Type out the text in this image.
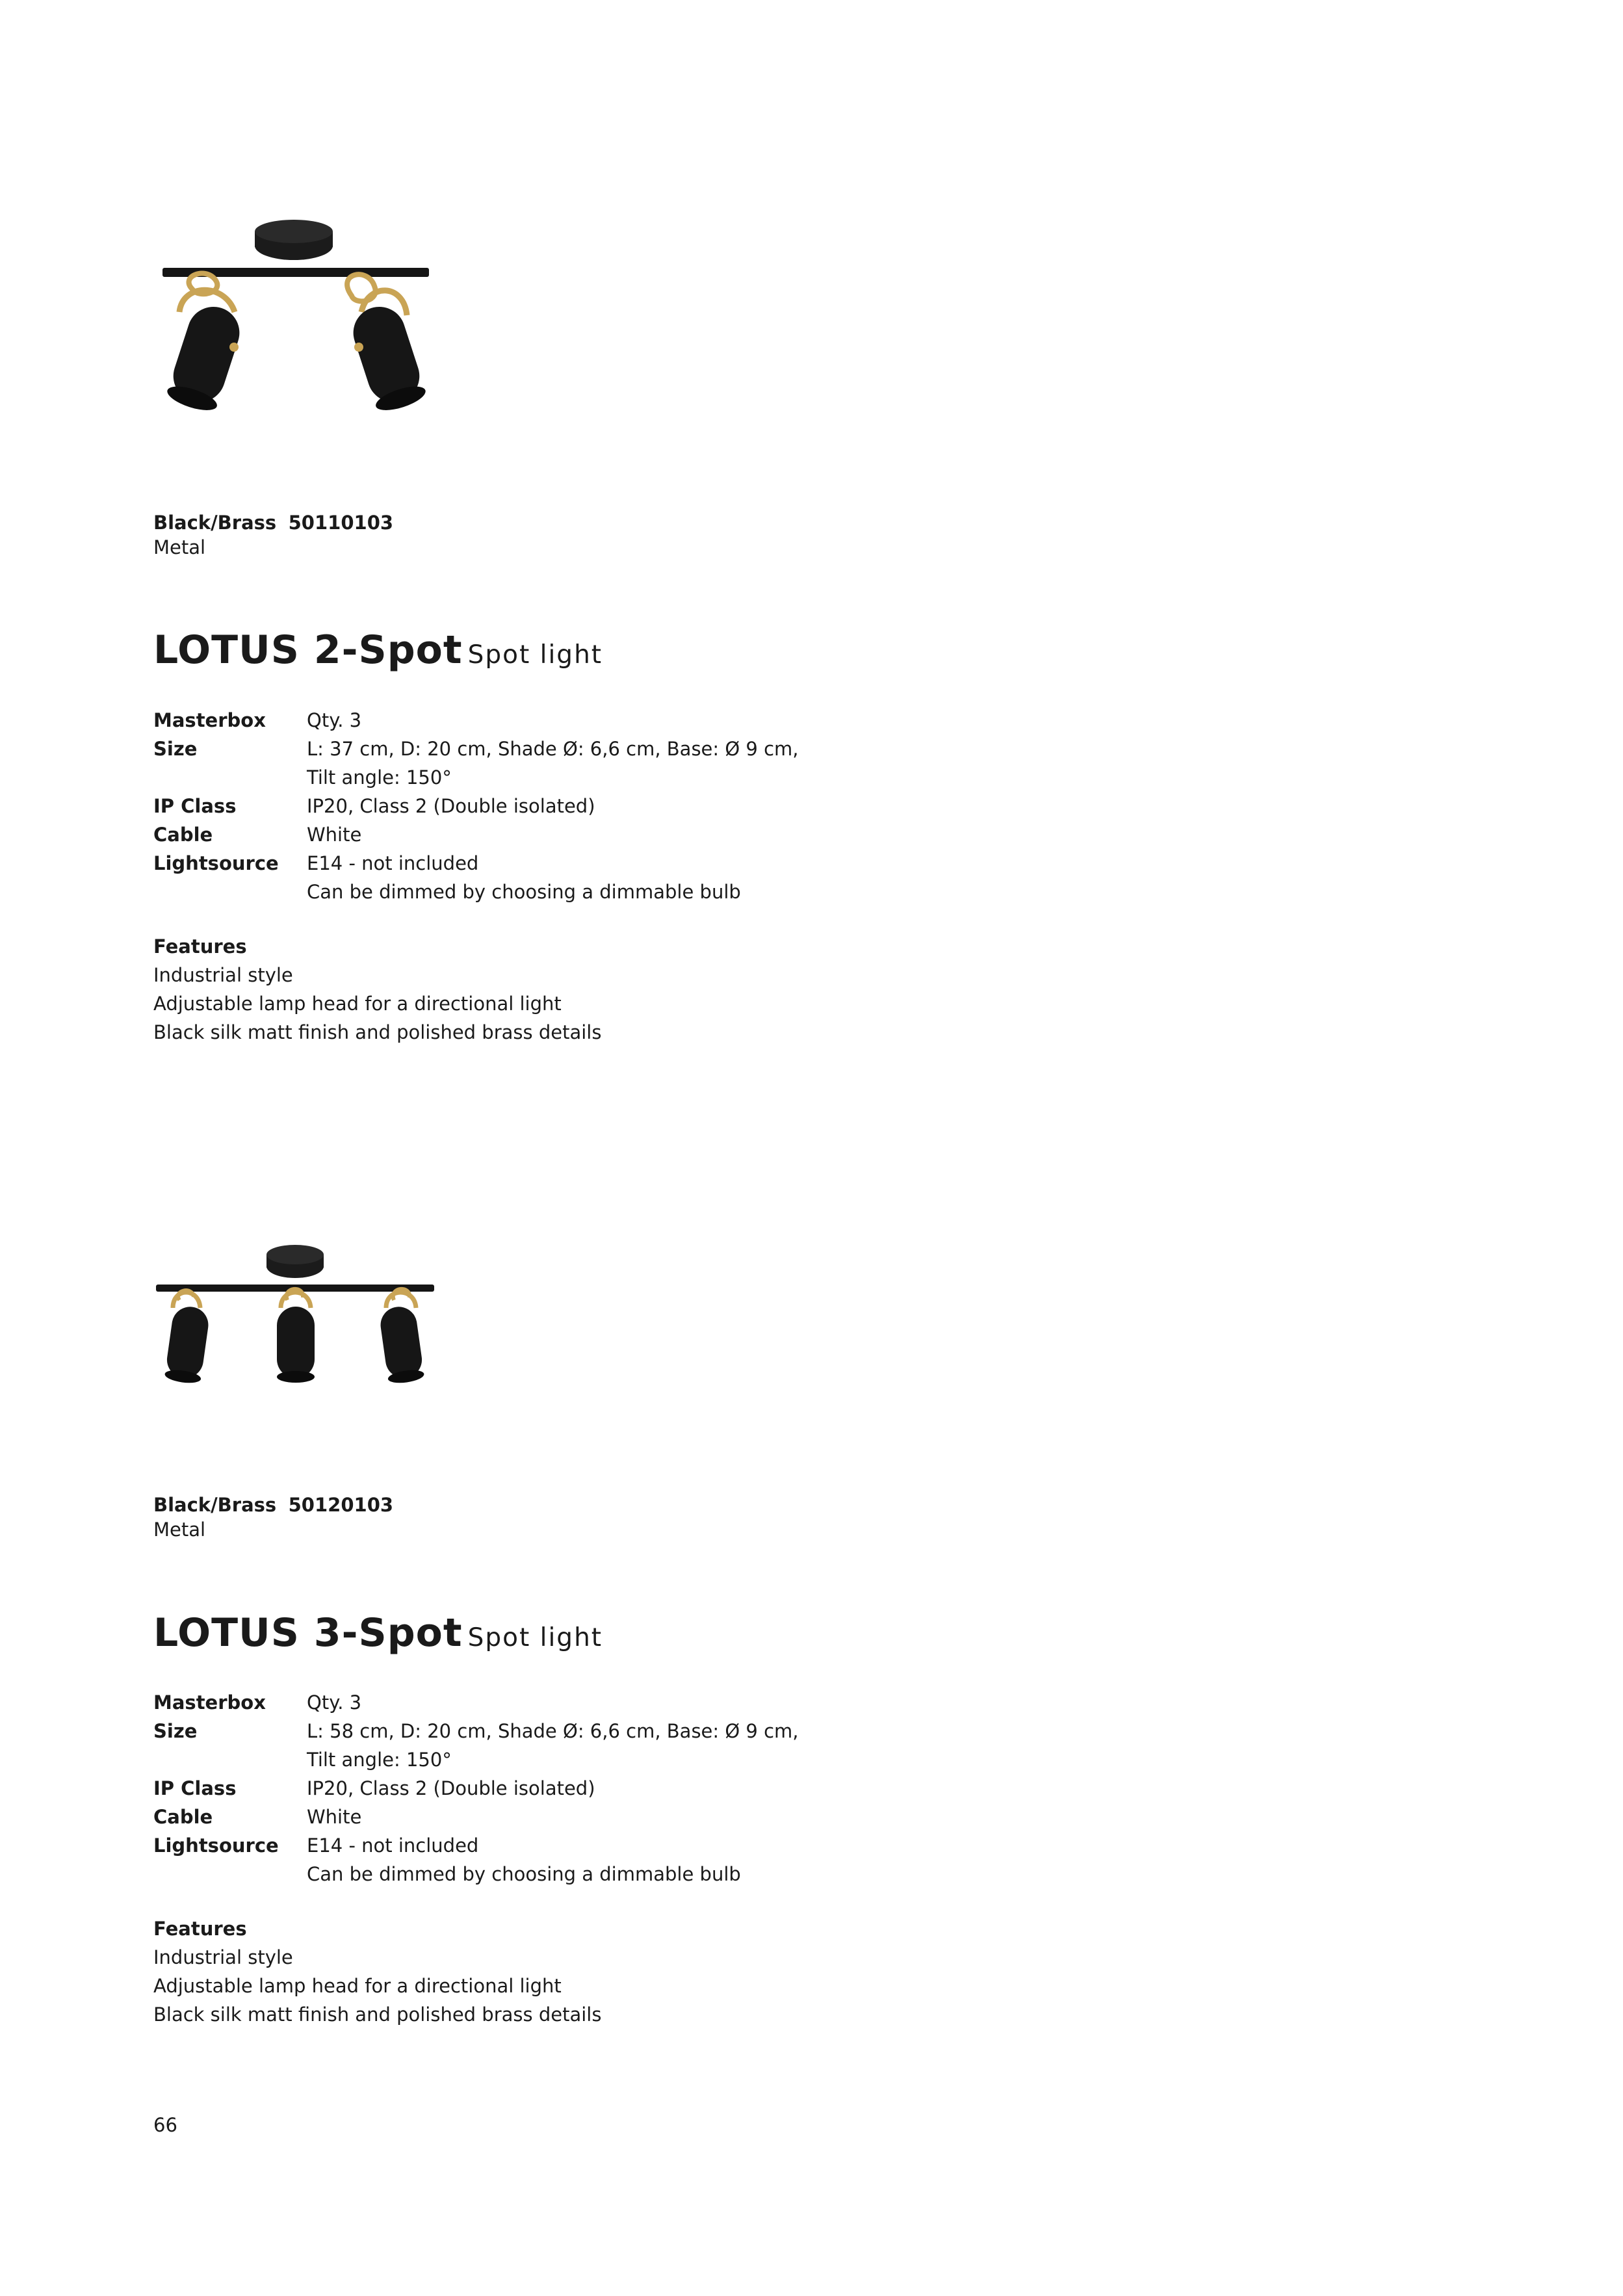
Black/Brass 50110103
Metal
LOTUS 2-Spot Spot light
Masterbox	Qty. 3
Size	L: 37 cm, D: 20 cm, Shade Ø: 6,6 cm, Base: Ø 9 cm,
Tilt angle: 150°
IP Class	IP20, Class 2 (Double isolated)
Cable	White
Lightsource	E14 - not included
Can be dimmed by choosing a dimmable bulb
Features
Industrial style
Adjustable lamp head for a directional light
Black silk matt finish and polished brass details
Black/Brass 50120103
Metal
LOTUS 3-Spot Spot light
Masterbox	Qty. 3
Size	L: 58 cm, D: 20 cm, Shade Ø: 6,6 cm, Base: Ø 9 cm,
Tilt angle: 150°
IP Class	IP20, Class 2 (Double isolated)
Cable	White
Lightsource	E14 - not included
Can be dimmed by choosing a dimmable bulb
Features
Industrial style
Adjustable lamp head for a directional light
Black silk matt finish and polished brass details
66
